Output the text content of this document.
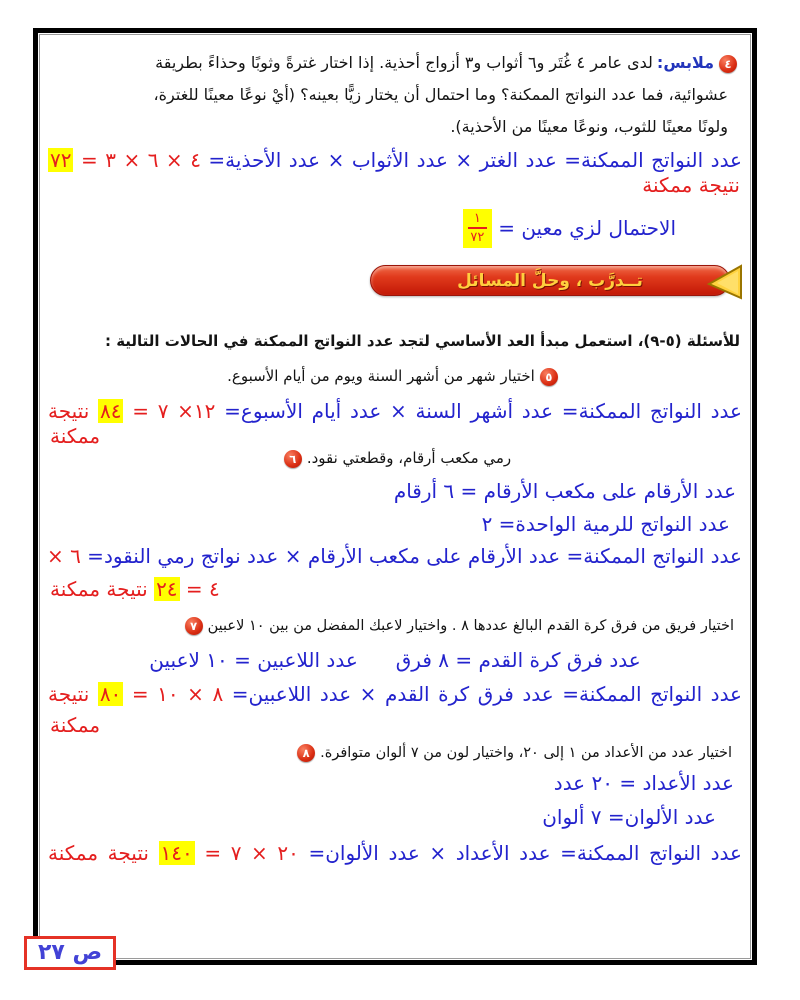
٤ملابس:لدى عامر ٤ غُتَر و٦ أثواب و٣ أزواج أحذية. إذا اختار غترةً وثوبًا وحذاءً بطريقة
عشوائية، فما عدد النواتج الممكنة؟ وما احتمال أن يختار زيًّا بعينه؟ (أيْ نوعًا معينًا للغترة،
ولونًا معينًا للثوب، ونوعًا معينًا من الأحذية).
عدد النواتج الممكنة= عدد الغتر × عدد الأثواب × عدد الأحذية= ٤ × ٦ × ٣ = ٧٢
نتيجة ممكنة
الاحتمال لزي معين =
$\frac{١}{٧٢}$
تــدرَّب ، وحلَّ المسائل
للأسئلة (٥-٩)، استعمل مبدأ العد الأساسي لتجد عدد النواتج الممكنة في الحالات التالية :
٥اختيار شهر من أشهر السنة ويوم من أيام الأسبوع.
عدد النواتج الممكنة= عدد أشهر السنة × عدد أيام الأسبوع= ١٢× ٧ = ٨٤ نتيجة
ممكنة
رمي مكعب أرقام، وقطعتي نقود.٦
عدد الأرقام على مكعب الأرقام = ٦ أرقام
عدد النواتج للرمية الواحدة= ٢
عدد النواتج الممكنة= عدد الأرقام على مكعب الأرقام × عدد نواتج رمي النقود= ٦ ×
٤ = ٢٤ نتيجة ممكنة
اختيار فريق من فرق كرة القدم البالغ عددها ٨ . واختيار لاعبك المفضل من بين ١٠ لاعبين٧
عدد فرق كرة القدم = ٨ فرقعدد اللاعبين = ١٠ لاعبين
عدد النواتج الممكنة= عدد فرق كرة القدم × عدد اللاعبين= ٨ × ١٠ = ٨٠ نتيجة
ممكنة
اختيار عدد من الأعداد من ١ إلى ٢٠، واختيار لون من ٧ ألوان متوافرة.٨
عدد الأعداد = ٢٠ عدد
عدد الألوان= ٧ ألوان
عدد النواتج الممكنة= عدد الأعداد × عدد الألوان= ٢٠ × ٧ = ١٤٠ نتيجة ممكنة
ص ٢٧
